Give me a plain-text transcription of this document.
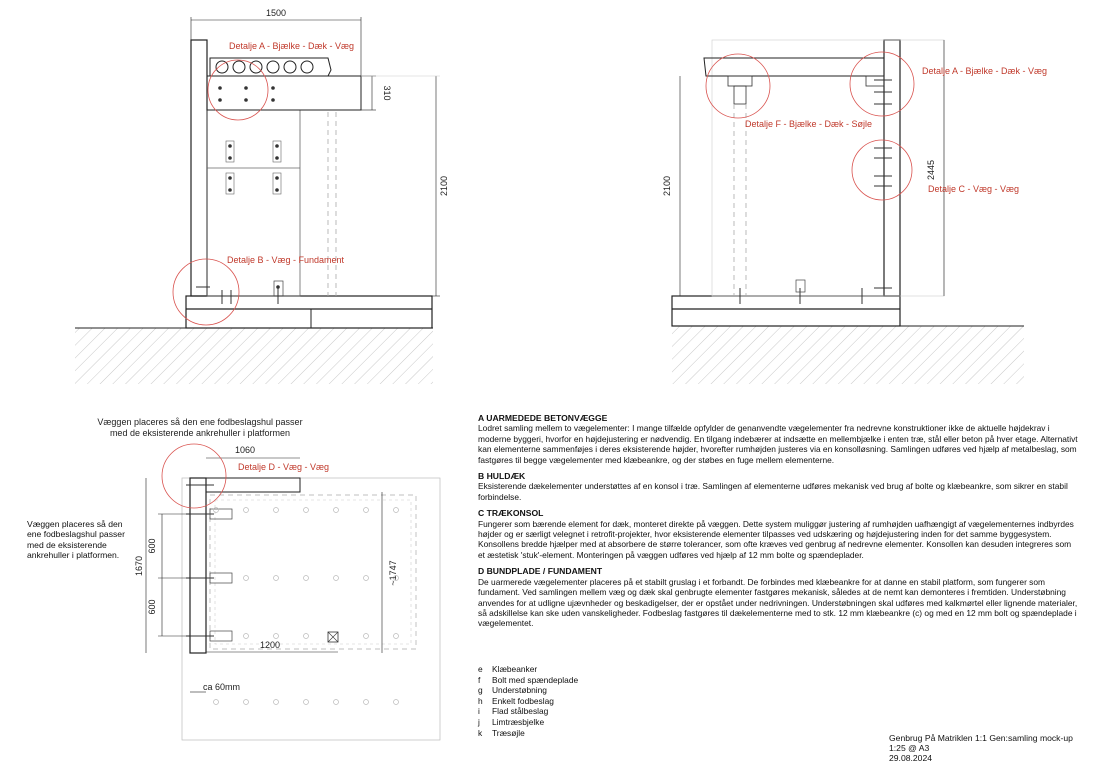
1500
310
2100
Detalje A - Bjælke - Dæk - Væg
Detalje B - Væg - Fundament
2100
2445
Detalje A - Bjælke - Dæk - Væg
Detalje F - Bjælke - Dæk - Søjle
Detalje C - Væg - Væg
Væggen placeres så den ene fodbeslagshul passer
med de eksisterende ankrehuller i platformen
1060
1670
600
600
1200
~1747
ca 60mm
Detalje D - Væg - Væg
Væggen placeres så den
ene fodbeslagshul passer
med de eksisterende
ankrehuller i platformen.
A UARMEDEDE BETONVÆGGE

Lodret samling mellem to vægelementer: I mange tilfælde opfylder de genanvendte vægelementer fra nedrevne konstruktioner ikke de aktuelle højdekrav i moderne byggeri, hvorfor en højdejustering er nødvendig. En tilgang indebærer at indsætte en mellembjælke i enten træ, stål eller beton på hver etage. Alternativt kan elementerne sammenføjes i deres eksisterende højder, hvorefter rumhøjden justeres via en konsolløsning. Samlingen udføres ved hjælp af metalbeslag, som fastgøres til begge vægelementer med klæbeankre, og der støbes en fuge mellem elementerne.

B HULDÆK

Eksisterende dækelementer understøttes af en konsol i træ. Samlingen af elementerne udføres mekanisk ved brug af bolte og klæbeankre, som sikrer en stabil forbindelse.

C TRÆKONSOL

Fungerer som bærende element for dæk, monteret direkte på væggen. Dette system muliggør justering af rumhøjden uafhængigt af vægelementernes indbyrdes højder og er særligt velegnet i retrofit-projekter, hvor eksisterende elementer tilpasses ved udskæring og højdejustering inden for det samme byggesystem. Konsollens bredde hjælper med at absorbere de større tolerancer, som ofte kræves ved genbrug af nedrevne elementer. Konsollen kan desuden integreres som et æstetisk 'stuk'-element. Monteringen på væggen udføres ved hjælp af 12 mm bolte og spændeplader.

D BUNDPLADE / FUNDAMENT

De uarmerede vægelementer placeres på et stabilt gruslag i et forbandt. De forbindes med klæbeankre for at danne en stabil platform, som fungerer som fundament. Ved samlingen mellem væg og dæk skal genbrugte elementer fastgøres mekanisk, således at de nemt kan demonteres i fremtiden. Understøbning anvendes for at udligne ujævnheder og beskadigelser, der er opstået under nedrivningen. Understøbningen skal udføres med kalkmørtel eller lignende materialer, så adskillelse kan ske uden vanskeligheder. Fodbeslag fastgøres til dækelementerne med to stk. 12 mm klæbeankre (c) og med en 12 mm bolt og spændeplade i vægelementet.

e Klæbeanker
f Bolt med spændeplade
g Understøbning
h Enkelt fodbeslag
i Flad stålbeslag
j Limtræsbjelke
k Træsøjle
Genbrug På Matriklen 1:1 Gen:samling mock-up
1:25 @ A3
29.08.2024
